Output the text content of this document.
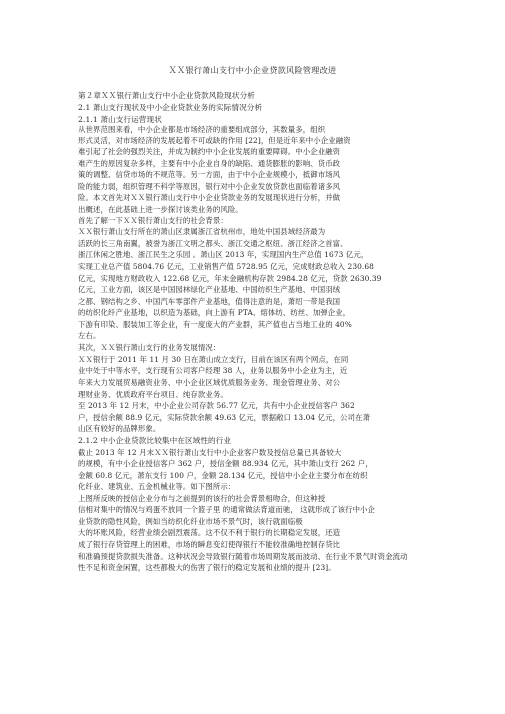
ＸＸ银行萧山支行中小企业贷款风险管理改进
第２章ＸＸ银行萧山支行中小企业贷款风险现状分析
2.1 萧山支行现状及中小企业贷款业务的实际情况分析
2.1.1 萧山支行运营现状
从世界范围来看，中小企业都是市场经济的重要组成部分，其数量多，组织
形式灵活，对市场经济的发展起着不可或缺的作用 [22]，但是近年来中小企业融资
难引起了社会的强烈关注，并成为制约中小企业发展的重要障碍。中小企业融资
难产生的原因复杂多样，主要有中小企业自身的缺陷、通货膨胀的影响、货币政
策的调整、信贷市场的不规范等。另一方面，由于中小企业规模小，抵御市场风
险的能力弱，组织管理不科学等原因，银行对中小企业发放贷款也面临着诸多风
险。本文首先对ＸＸ银行萧山支行中小企业贷款业务的发展现状进行分析，并做
出概述，在此基础上进一步探讨该类业务的风险。
首先了解一下ＸＸ银行萧山支行的社会背景：
ＸＸ银行萧山支行所在的萧山区隶属浙江省杭州市，地处中国县域经济最为
活跃的长三角南翼，被誉为浙江文明之都头、浙江交通之枢纽、浙江经济之首富、
浙江休闲之胜地、浙江民生之乐园 。萧山区 2013 年，实现国内生产总值 1673 亿元，
实现工业总产值 5804.76 亿元，工业销售产值 5728.95 亿元，完成财政总收入 230.68
亿元，实现地方财政收入 122.68 亿元，年末金融机构存款 2984.28 亿元，贷款 2630.39
亿元，工业方面，该区是中国园林绿化产业基地、中国纺织生产基地、中国羽绒
之都、钢结构之乡、中国汽车零部件产业基地，值得注意的是，萧绍一带是我国
的纺织化纤产业基地，以织造为基础，向上游有 PTA、熔体纺、纺丝、加弹企业，
下游有印染、服装加工等企业，有一度庞大的产业群，其产值也占当地工业的 40%
左右。
其次，ＸＸ银行萧山支行的业务发展情况：
ＸＸ银行于 2011 年 11 月 30 日在萧山成立支行，目前在该区有两个网点，在同
业中处于中等水平，支行现有公司客户经理 38 人，业务以服务中小企业为主，近
年来大力发展贸易融资业务、中小企业区域优质服务业务、现金管理业务、对公
理财业务、优质政府平台项目、纯存款业务。
至 2013 年 12 月末，中小企业公司存款 56.77 亿元，共有中小企业授信客户 362
户，授信余额 88.9 亿元，实际贷款余额 49.63 亿元，票据敞口 13.04 亿元，公司在萧
山区有较好的品牌形象。
2.1.2 中小企业贷款比较集中在区域性的行业
截止 2013 年 12 月末ＸＸ银行萧山支行中小企业客户数及授信总量已具备较大
的规模，有中小企业授信客户 362 户，授信金额 88.934 亿元，其中萧山支行 262 户，
金额 60.8 亿元，萧东支行 100 户，金额 28.134 亿元，授信中小企业主要分布在纺织
化纤业、建筑业、五金机械业等。如下图所示：
上图所反映的授信企业分布与之前提到的该行的社会背景相吻合，但这种授
信相对集中的情况与鸡蛋不放同一个篮子里 的通常做法背道而驰， 这就形成了该行中小企
业贷款的隐性风险，例如当纺织化纤业市场不景气时，该行就面临极
大的坏账风险，经营业绩会剧烈震荡。这不仅不利于银行的长期稳定发展，还造
成了银行存贷管理上的困难，市场的瞬息变幻使得银行不能较准确地控制存贷比
和准确预提贷款损失准备。这种状况会导致银行随着市场周期发展而波动、在行业不景气时资金流动
性不足和资金闲置，这些都极大的伤害了银行的稳定发展和业绩的提升 [23]。
